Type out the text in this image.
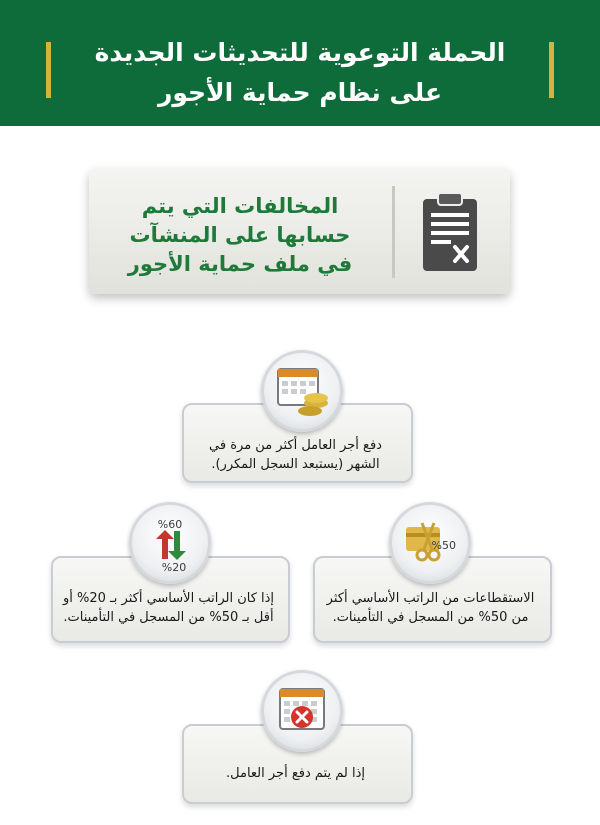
الحملة التوعوية للتحديثات الجديدة
على نظام حماية الأجور
المخالفات التي يتم
حسابها على المنشآت
في ملف حماية الأجور
دفع أجر العامل أكثر من مرة في
الشهر (يستبعد السجل المكرر).
الاستقطاعات من الراتب الأساسي أكثر
من 50% من المسجل في التأمينات.
%50
إذا كان الراتب الأساسي أكثر بـ 20% أو
أقل بـ 50% من المسجل في التأمينات.
%60
%20
إذا لم يتم دفع أجر العامل.
